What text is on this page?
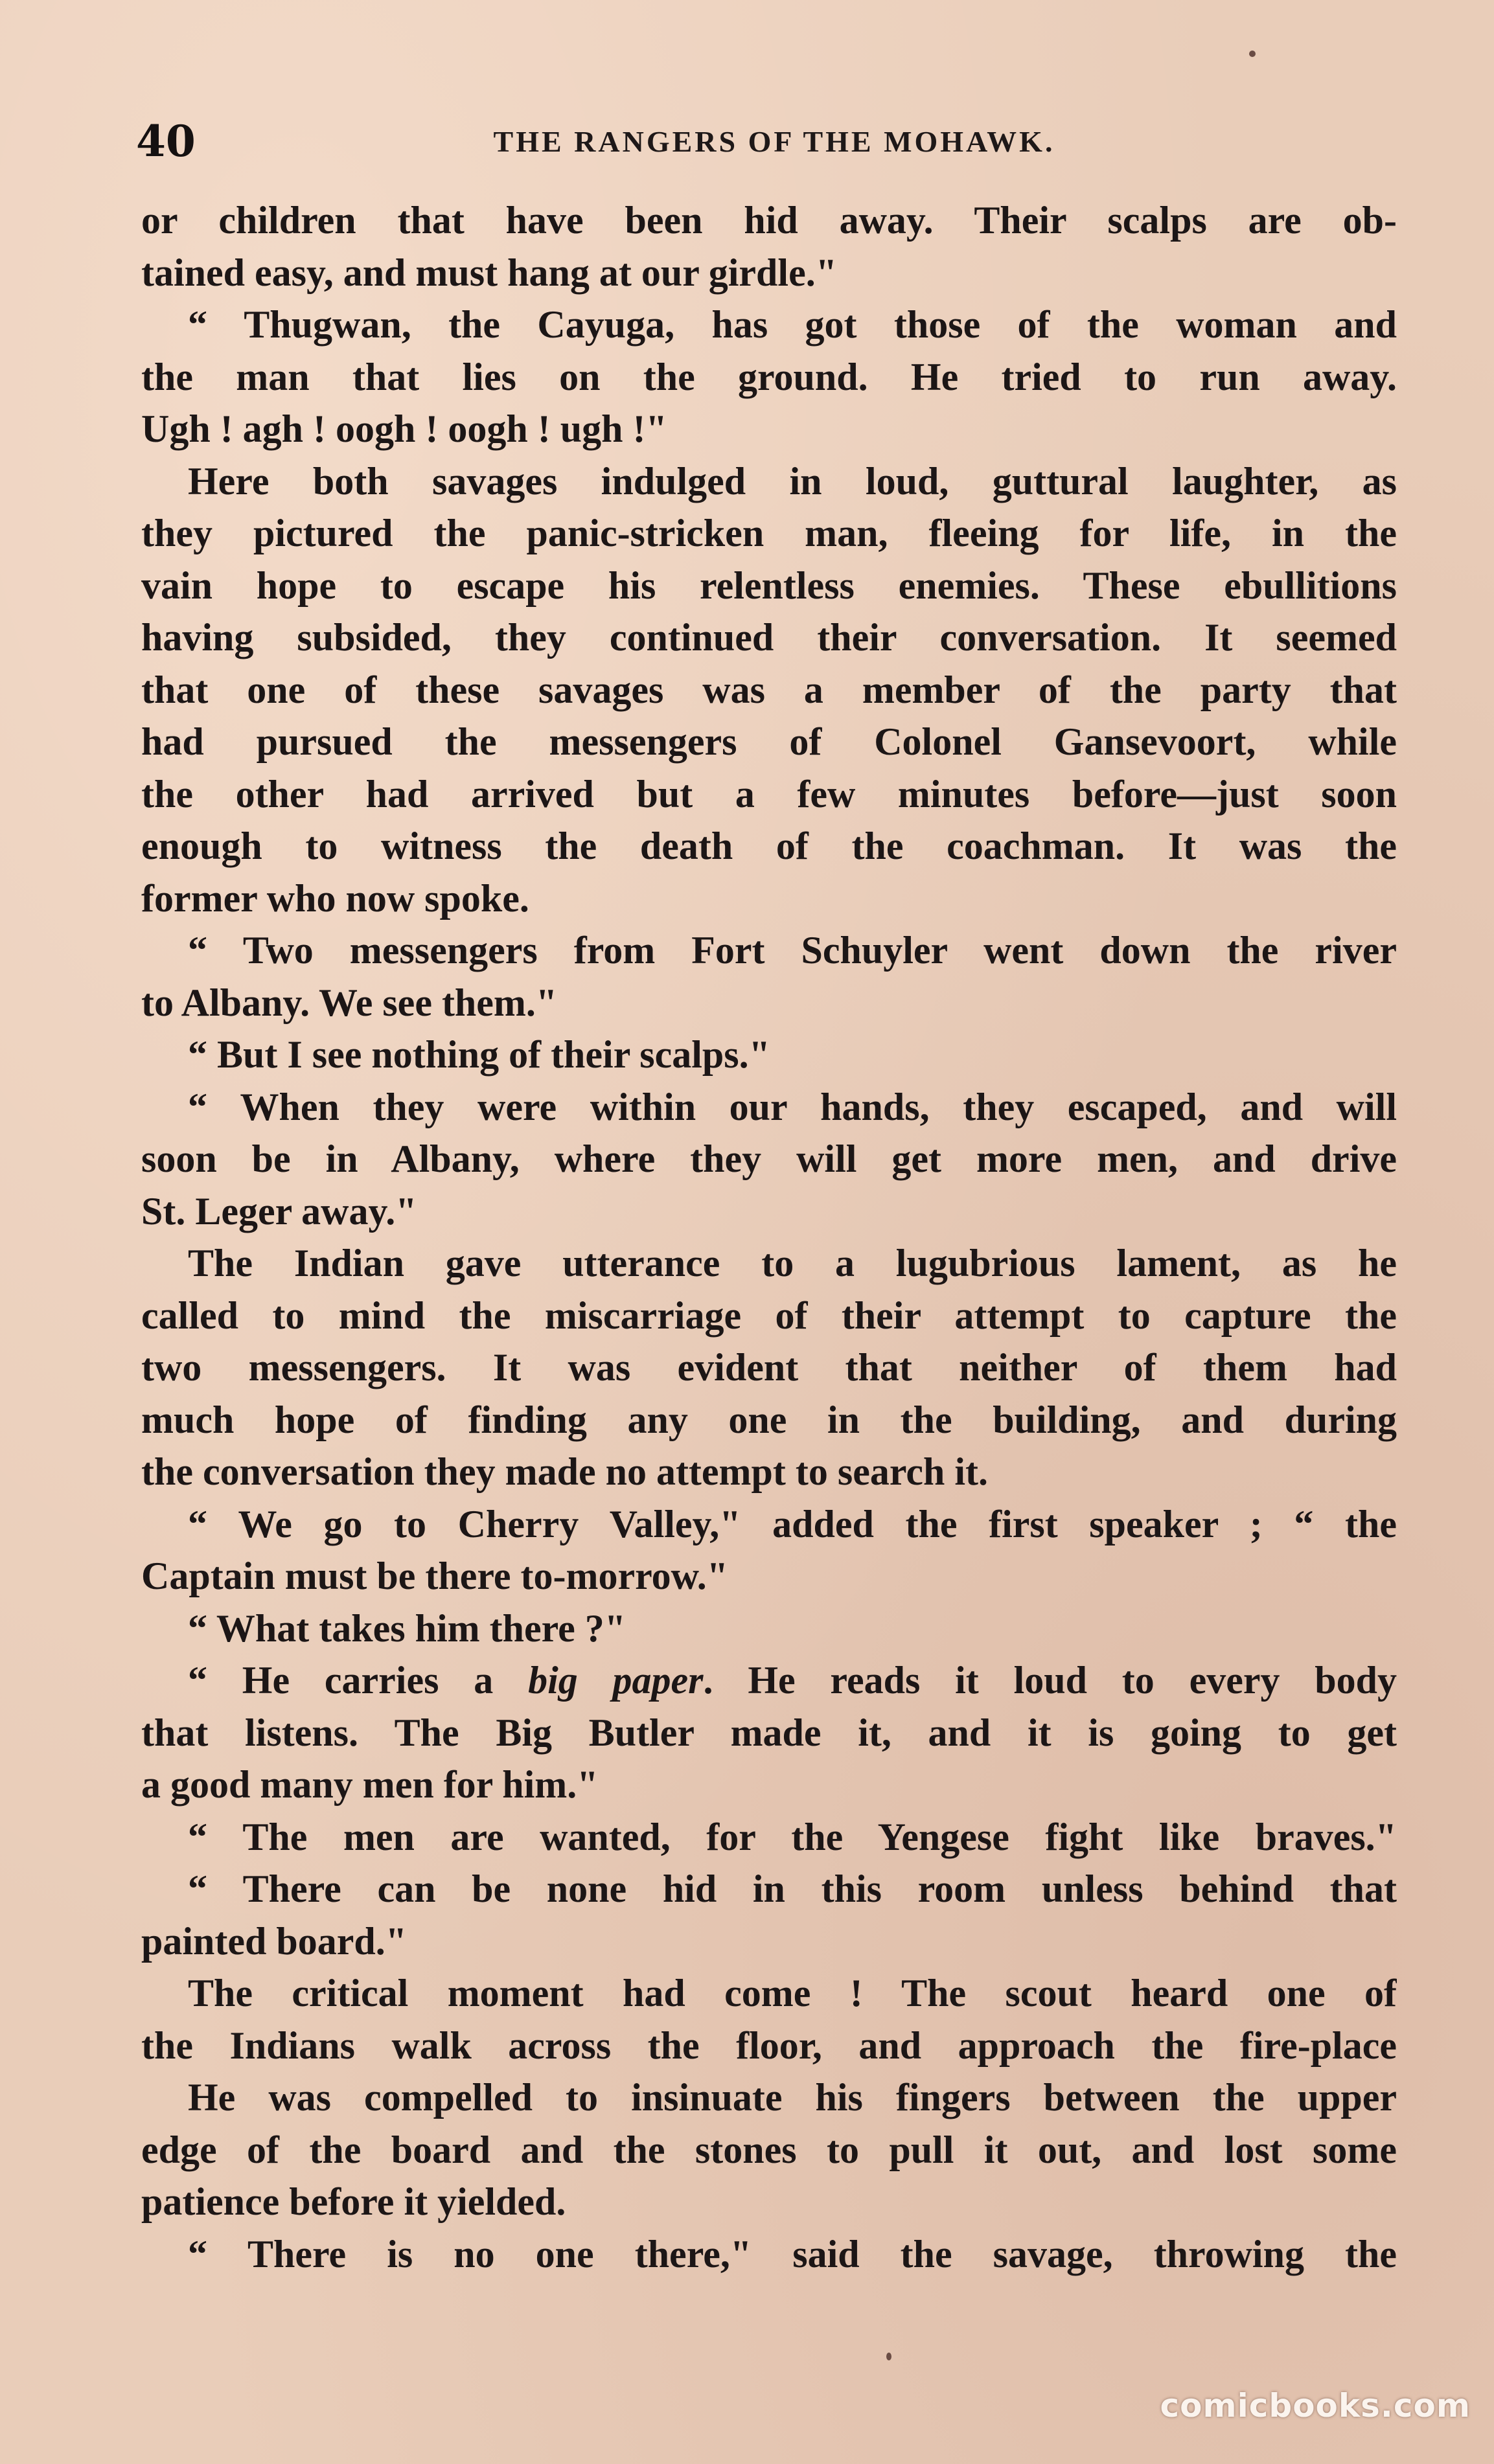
40	THE RANGERS OF THE MOHAWK.
or children that have been hid away. Their scalps are ob-
tained easy, and must hang at our girdle."
“ Thugwan, the Cayuga, has got those of the woman and
the man that lies on the ground. He tried to run away.
Ugh ! agh ! oogh ! oogh ! ugh !"
Here both savages indulged in loud, guttural laughter, as
they pictured the panic-stricken man, fleeing for life, in the
vain hope to escape his relentless enemies. These ebullitions
having subsided, they continued their conversation. It seemed
that one of these savages was a member of the party that
had pursued the messengers of Colonel Gansevoort, while
the other had arrived but a few minutes before—just soon
enough to witness the death of the coachman. It was the
former who now spoke.
“ Two messengers from Fort Schuyler went down the river
to Albany. We see them."
“ But I see nothing of their scalps."
“ When they were within our hands, they escaped, and will
soon be in Albany, where they will get more men, and drive
St. Leger away."
The Indian gave utterance to a lugubrious lament, as he
called to mind the miscarriage of their attempt to capture the
two messengers. It was evident that neither of them had
much hope of finding any one in the building, and during
the conversation they made no attempt to search it.
“ We go to Cherry Valley," added the first speaker ; “ the
Captain must be there to-morrow."
“ What takes him there ?"
“ He carries a big paper. He reads it loud to every body
that listens. The Big Butler made it, and it is going to get
a good many men for him."
“ The men are wanted, for the Yengese fight like braves."
“ There can be none hid in this room unless behind that
painted board."
The critical moment had come ! The scout heard one of
the Indians walk across the floor, and approach the fire-place
He was compelled to insinuate his fingers between the upper
edge of the board and the stones to pull it out, and lost some
patience before it yielded.
“ There is no one there," said the savage, throwing the
comicbooks.com
